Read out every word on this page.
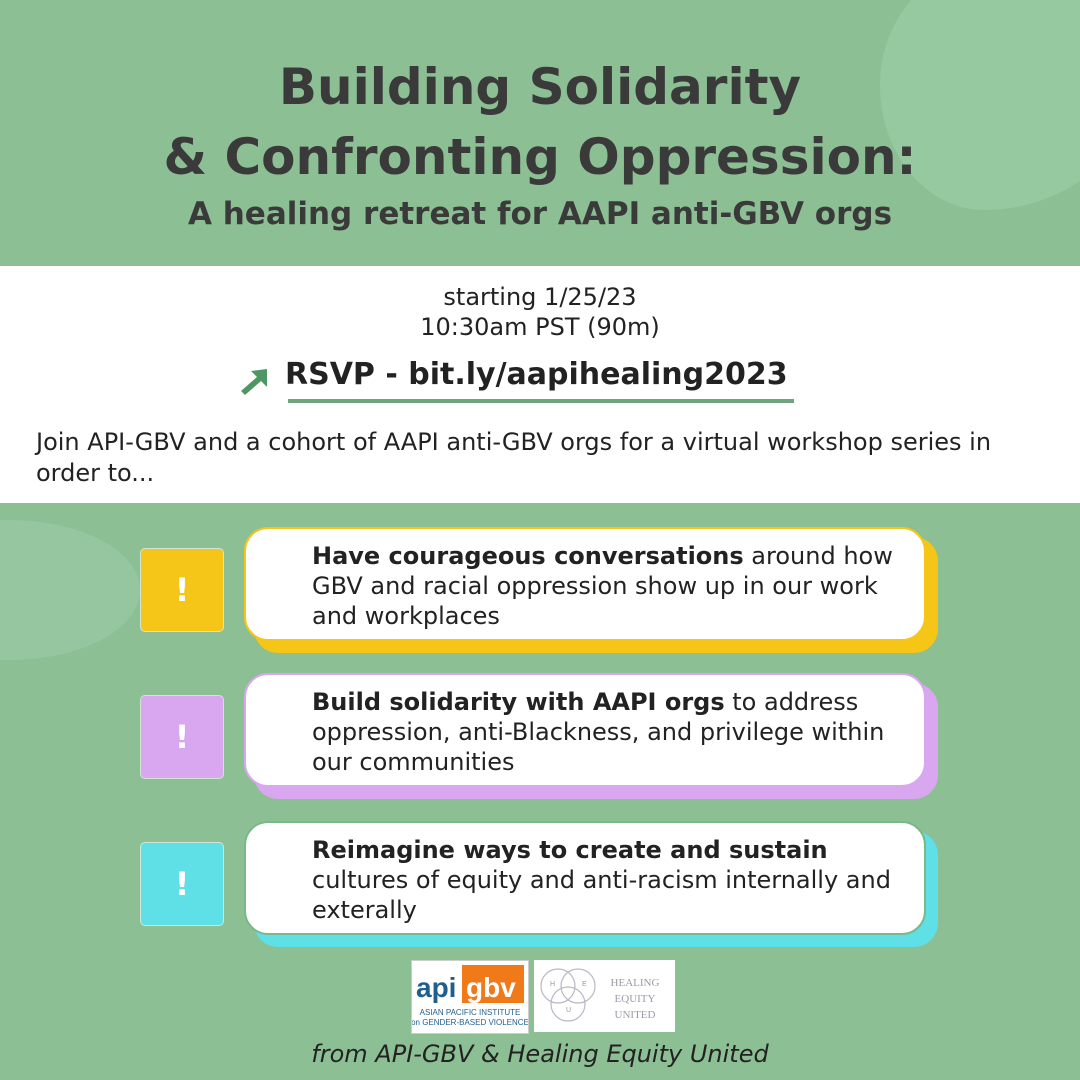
Building Solidarity
& Confronting Oppression:
A healing retreat for AAPI anti-GBV orgs
starting 1/25/23
10:30am PST (90m)
RSVP - bit.ly/aapihealing2023
Join API-GBV and a cohort of AAPI anti-GBV orgs for a virtual workshop series in order to...
!
Have courageous conversations around how GBV and racial oppression show up in our work and workplaces
!
Build solidarity with AAPI orgs to address oppression, anti-Blackness, and privilege within our communities
!
Reimagine ways to create and sustain cultures of equity and anti-racism internally and exterally
api gbv
ASIAN PACIFIC INSTITUTE
on GENDER-BASED VIOLENCE
H	E
U
HEALING
EQUITY
UNITED
from API-GBV & Healing Equity United
